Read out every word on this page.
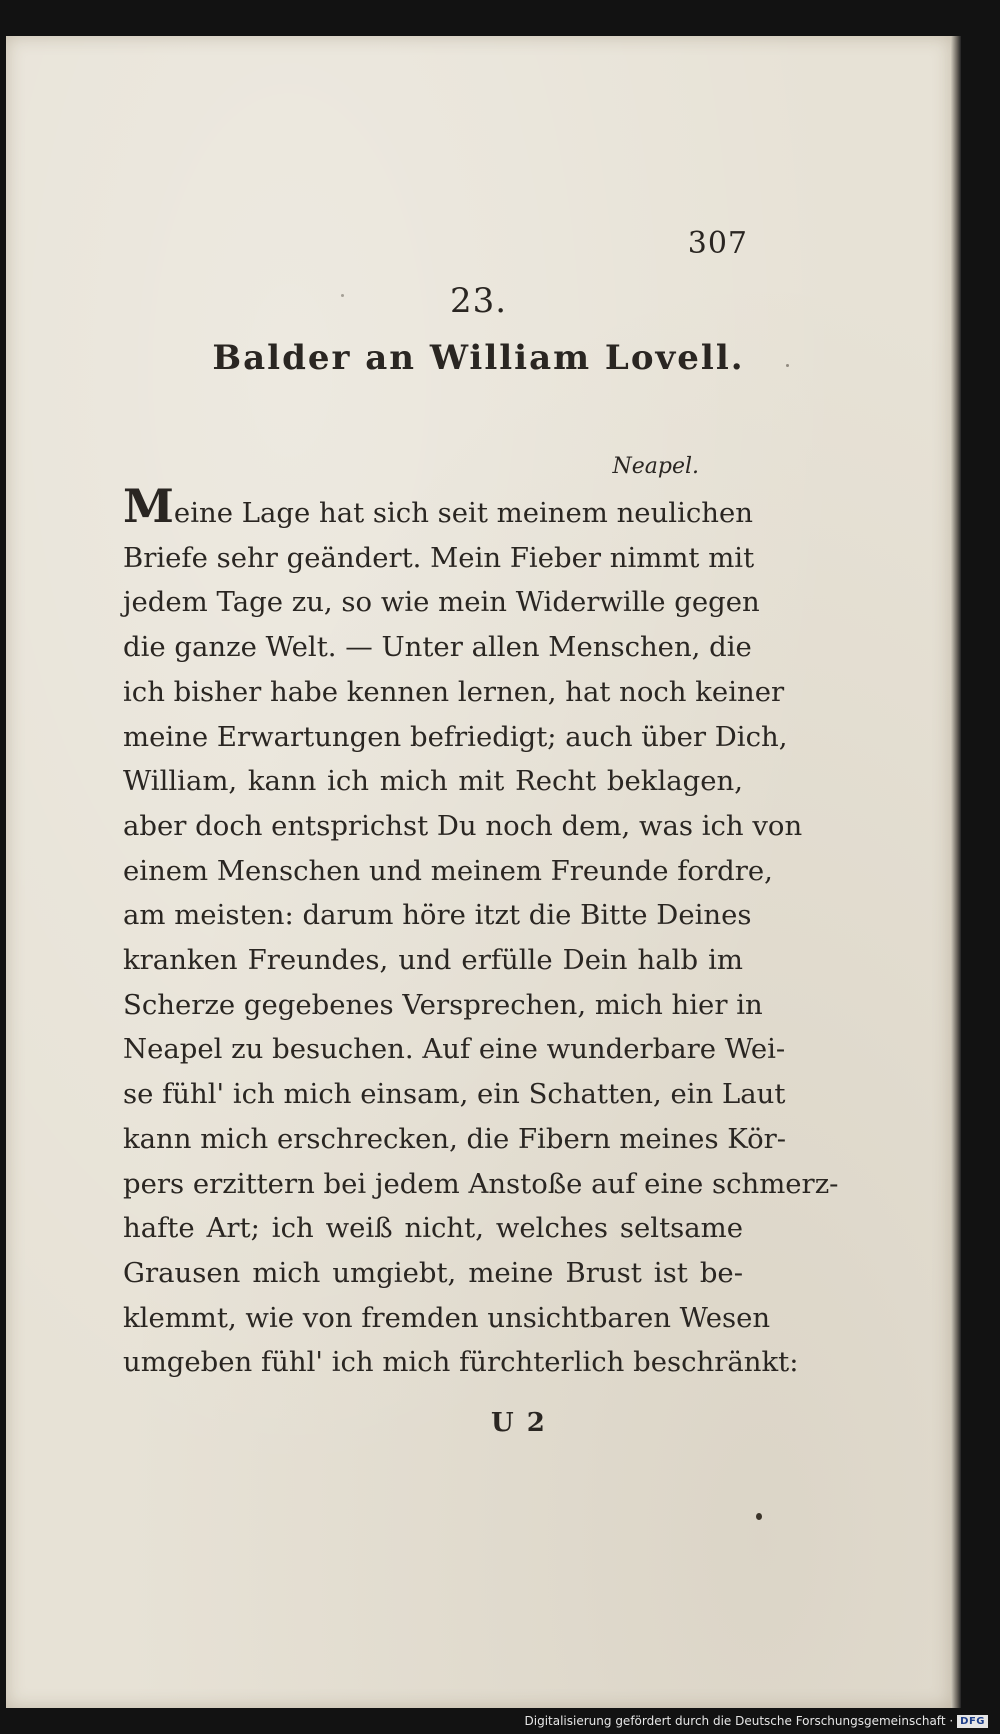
307
23.
Balder an William Lovell.
Neapel.
Meine Lage hat sich seit meinem neulichen
Briefe sehr geändert. Mein Fieber nimmt mit
jedem Tage zu, so wie mein Widerwille gegen
die ganze Welt. — Unter allen Menschen, die
ich bisher habe kennen lernen, hat noch keiner
meine Erwartungen befriedigt; auch über Dich,
William, kann ich mich mit Recht beklagen,
aber doch entsprichst Du noch dem, was ich von
einem Menschen und meinem Freunde fordre,
am meisten: darum höre itzt die Bitte Deines
kranken Freundes, und erfülle Dein halb im
Scherze gegebenes Versprechen, mich hier in
Neapel zu besuchen. Auf eine wunderbare Wei-
se fühl' ich mich einsam, ein Schatten, ein Laut
kann mich erschrecken, die Fibern meines Kör-
pers erzittern bei jedem Anstoße auf eine schmerz-
hafte Art; ich weiß nicht, welches seltsame
Grausen mich umgiebt, meine Brust ist be-
klemmt, wie von fremden unsichtbaren Wesen
umgeben fühl' ich mich fürchterlich beschränkt:
U 2
Digitalisierung gefördert durch die Deutsche Forschungsgemeinschaft · DFG
